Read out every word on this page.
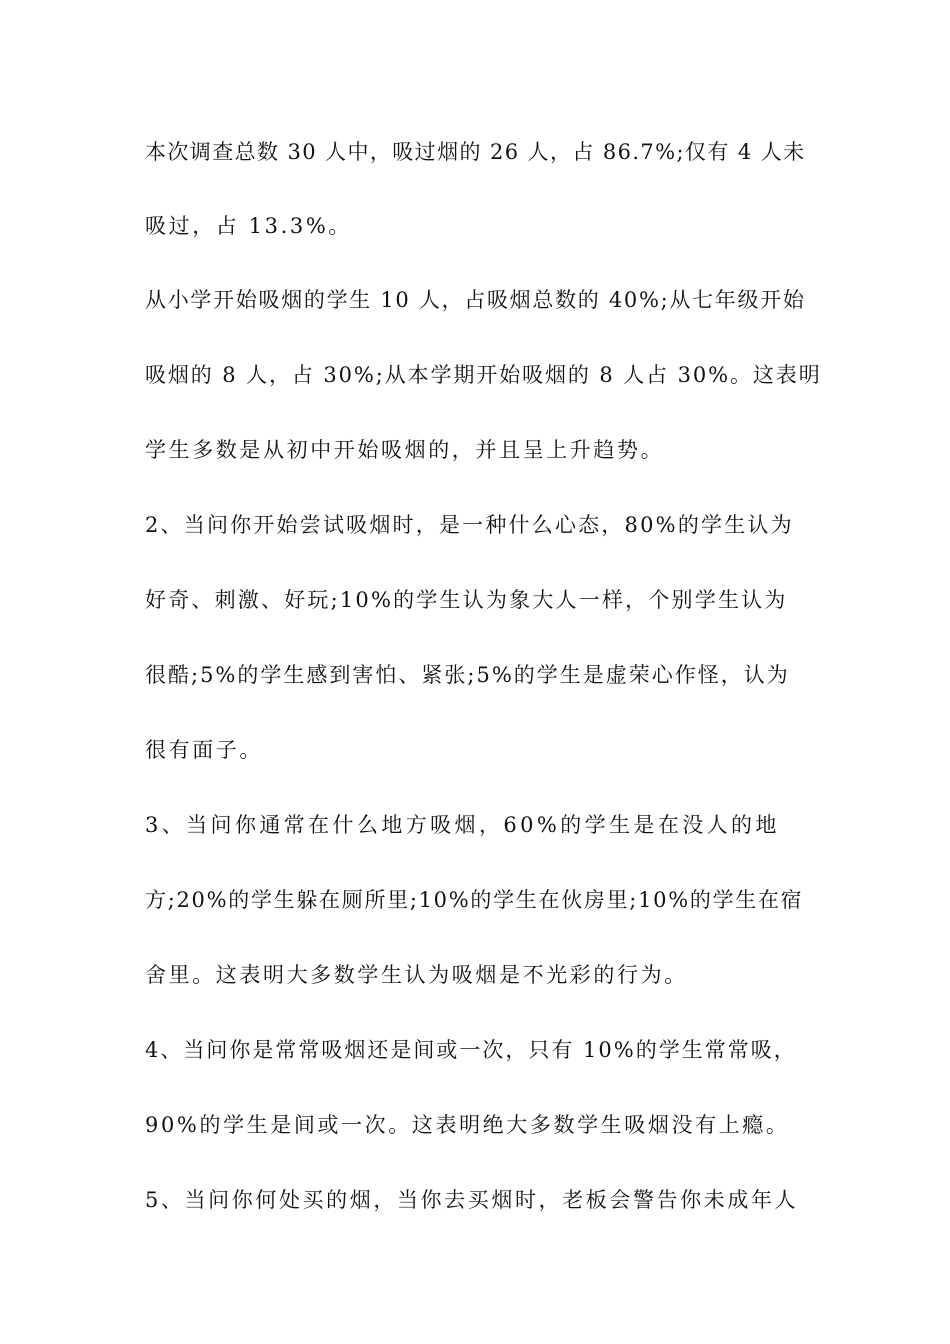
本次调查总数 30 人中，吸过烟的 26 人，占 86.7%;仅有 4 人未

吸过，占 13.3%。

从小学开始吸烟的学生 10 人，占吸烟总数的 40%;从七年级开始

吸烟的 8 人，占 30%;从本学期开始吸烟的 8 人占 30%。这表明

学生多数是从初中开始吸烟的，并且呈上升趋势。

2、当问你开始尝试吸烟时，是一种什么心态，80%的学生认为

好奇、刺激、好玩;10%的学生认为象大人一样，个别学生认为

很酷;5%的学生感到害怕、紧张;5%的学生是虚荣心作怪，认为

很有面子。

3、当问你通常在什么地方吸烟，60%的学生是在没人的地

方;20%的学生躲在厕所里;10%的学生在伙房里;10%的学生在宿

舍里。这表明大多数学生认为吸烟是不光彩的行为。

4、当问你是常常吸烟还是间或一次，只有 10%的学生常常吸，

90%的学生是间或一次。这表明绝大多数学生吸烟没有上瘾。

5、当问你何处买的烟，当你去买烟时，老板会警告你未成年人
